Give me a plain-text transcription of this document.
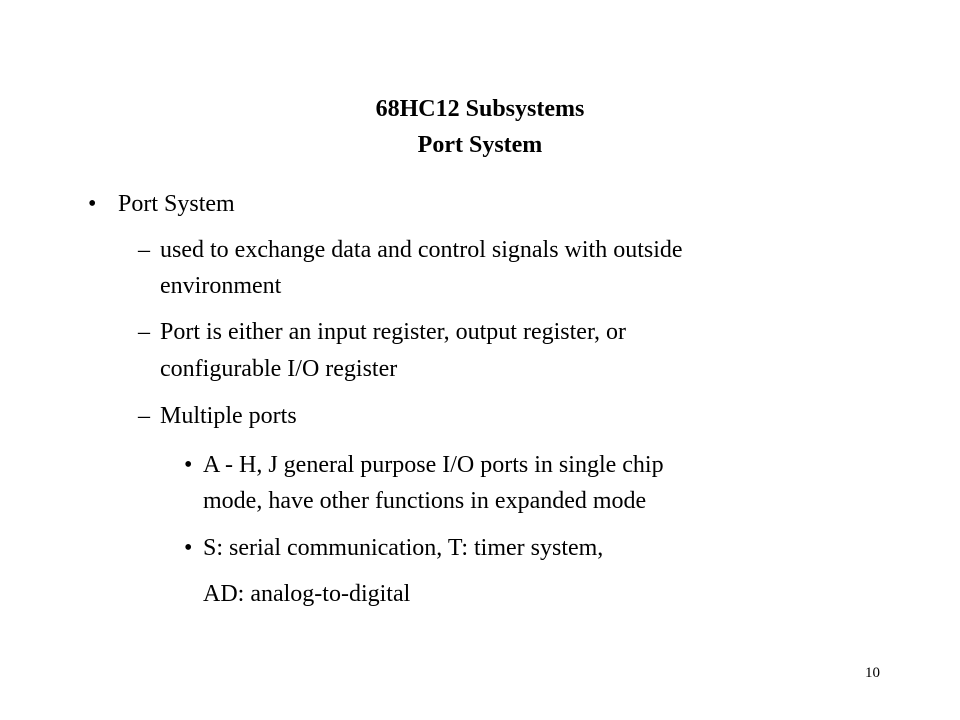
68HC12 Subsystems
Port System
• Port System
– used to exchange data and control signals with outside
environment
– Port is either an input register, output register, or
configurable I/O register
– Multiple ports
• A - H, J general purpose I/O ports in single chip
mode, have other functions in expanded mode
• S: serial communication, T: timer system,
AD: analog-to-digital
10
